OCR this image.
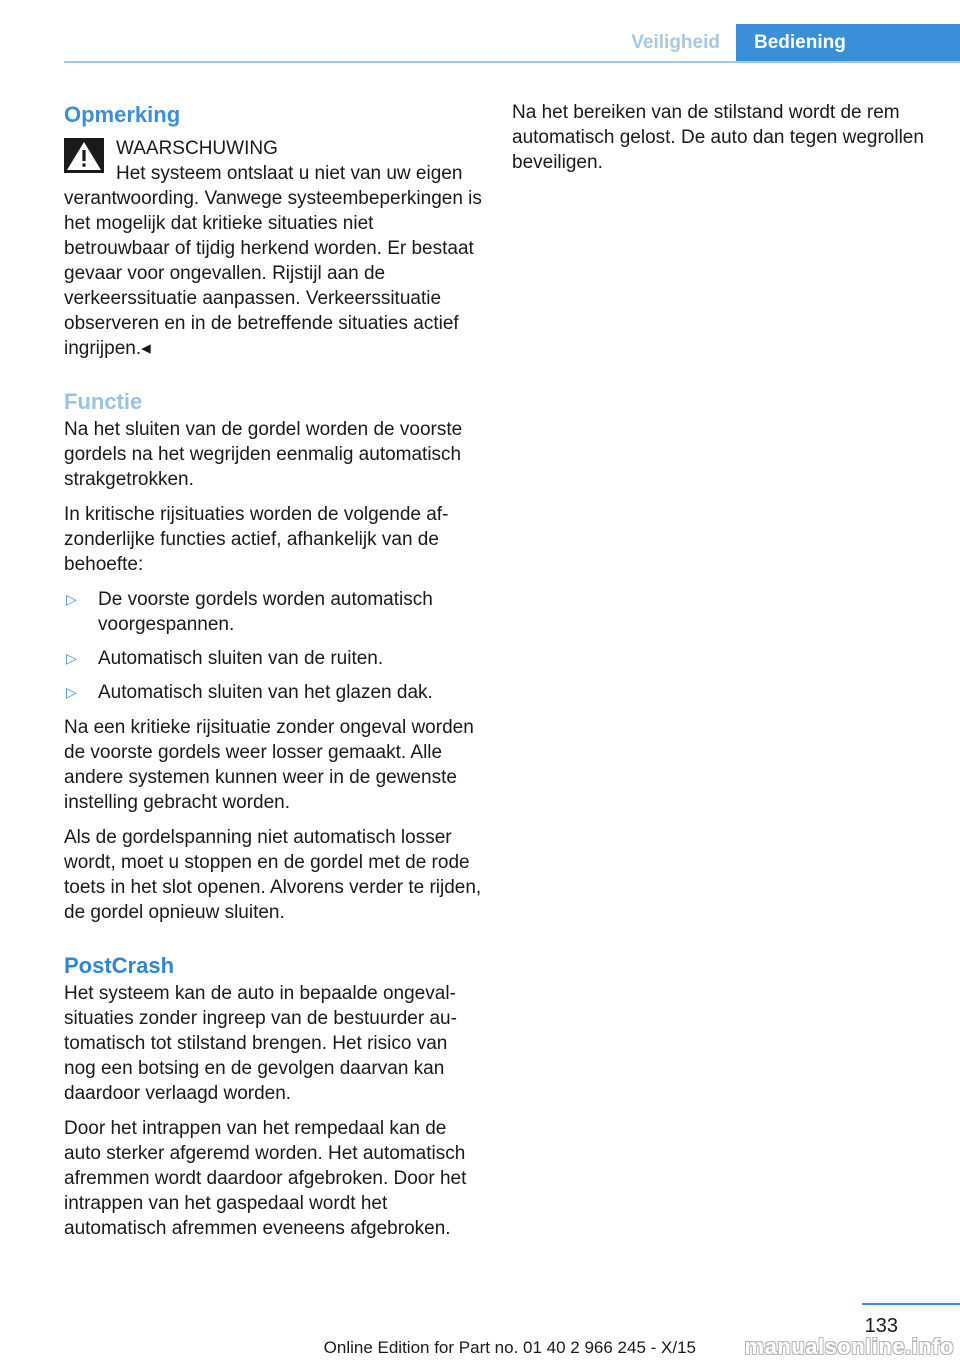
Veiligheid	Bediening
Opmerking
WAARSCHUWING
Het systeem ontslaat u niet van uw eigen verantwoording. Vanwege systeembeperkingen is het mogelijk dat kritieke situaties niet betrouwbaar of tijdig herkend worden. Er bestaat gevaar voor ongevallen. Rijstijl aan de verkeerssituatie aanpassen. Verkeerssituatie observeren en in de betreffende situaties actief ingrijpen.◂
Functie

Na het sluiten van de gordel worden de voorste gordels na het wegrijden eenmalig automatisch strakgetrokken.

In kritische rijsituaties worden de volgende afzonderlijke functies actief, afhankelijk van de behoefte:

▷ De voorste gordels worden automatisch voorgespannen.
▷ Automatisch sluiten van de ruiten.
▷ Automatisch sluiten van het glazen dak.

Na een kritieke rijsituatie zonder ongeval worden de voorste gordels weer losser gemaakt. Alle andere systemen kunnen weer in de gewenste instelling gebracht worden.

Als de gordelspanning niet automatisch losser wordt, moet u stoppen en de gordel met de rode toets in het slot openen. Alvorens verder te rijden, de gordel opnieuw sluiten.

PostCrash

Het systeem kan de auto in bepaalde ongevalsituaties zonder ingreep van de bestuurder automatisch tot stilstand brengen. Het risico van nog een botsing en de gevolgen daarvan kan daardoor verlaagd worden.

Door het intrappen van het rempedaal kan de auto sterker afgeremd worden. Het automatisch afremmen wordt daardoor afgebroken. Door het intrappen van het gaspedaal wordt het automatisch afremmen eveneens afgebroken.

Na het bereiken van de stilstand wordt de rem automatisch gelost. De auto dan tegen wegrollen beveiligen.

133
Online Edition for Part no. 01 40 2 966 245 - X/15 manualsonline.info
